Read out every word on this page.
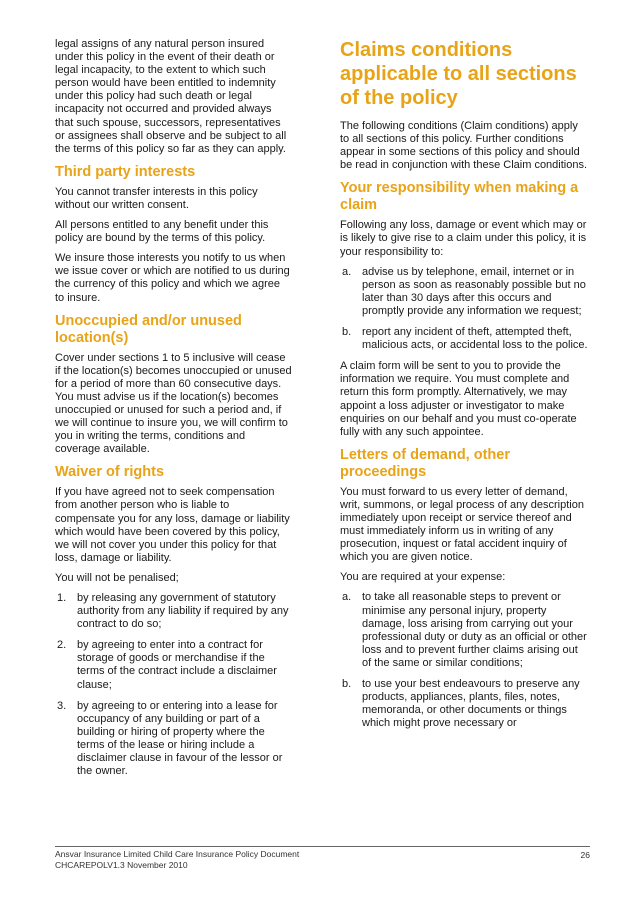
legal assigns of any natural person insured under this policy in the event of their death or legal incapacity, to the extent to which such person would have been entitled to indemnity under this policy had such death or legal incapacity not occurred and provided always that such spouse, successors, representatives or assignees shall observe and be subject to all the terms of this policy so far as they can apply.

Third party interests

You cannot transfer interests in this policy without our written consent.

All persons entitled to any benefit under this policy are bound by the terms of this policy.

We insure those interests you notify to us when we issue cover or which are notified to us during the currency of this policy and which we agree to insure.

Unoccupied and/or unused location(s)

Cover under sections 1 to 5 inclusive will cease if the location(s) becomes unoccupied or unused for a period of more than 60 consecutive days. You must advise us if the location(s) becomes unoccupied or unused for such a period and, if we will continue to insure you, we will confirm to you in writing the terms, conditions and coverage available.

Waiver of rights

If you have agreed not to seek compensation from another person who is liable to compensate you for any loss, damage or liability which would have been covered by this policy, we will not cover you under this policy for that loss, damage or liability.

You will not be penalised;

1. by releasing any government of statutory authority from any liability if required by any contract to do so;
2. by agreeing to enter into a contract for storage of goods or merchandise if the terms of the contract include a disclaimer clause;
3. by agreeing to or entering into a lease for occupancy of any building or part of a building or hiring of property where the terms of the lease or hiring include a disclaimer clause in favour of the lessor or the owner.
Claims conditions applicable to all sections of the policy

The following conditions (Claim conditions) apply to all sections of this policy. Further conditions appear in some sections of this policy and should be read in conjunction with these Claim conditions.

Your responsibility when making a claim

Following any loss, damage or event which may or is likely to give rise to a claim under this policy, it is your responsibility to:

a. advise us by telephone, email, internet or in person as soon as reasonably possible but no later than 30 days after this occurs and promptly provide any information we request;
b. report any incident of theft, attempted theft, malicious acts, or accidental loss to the police.

A claim form will be sent to you to provide the information we require. You must complete and return this form promptly. Alternatively, we may appoint a loss adjuster or investigator to make enquiries on our behalf and you must co-operate fully with any such appointee.

Letters of demand, other proceedings

You must forward to us every letter of demand, writ, summons, or legal process of any description immediately upon receipt or service thereof and must immediately inform us in writing of any prosecution, inquest or fatal accident inquiry of which you are given notice.

You are required at your expense:

a. to take all reasonable steps to prevent or minimise any personal injury, property damage, loss arising from carrying out your professional duty or duty as an official or other loss and to prevent further claims arising out of the same or similar conditions;
b. to use your best endeavours to preserve any products, appliances, plants, files, notes, memoranda, or other documents or things which might prove necessary or
Ansvar Insurance Limited Child Care Insurance Policy Document
CHCAREPOLV1.3 November 2010
26
